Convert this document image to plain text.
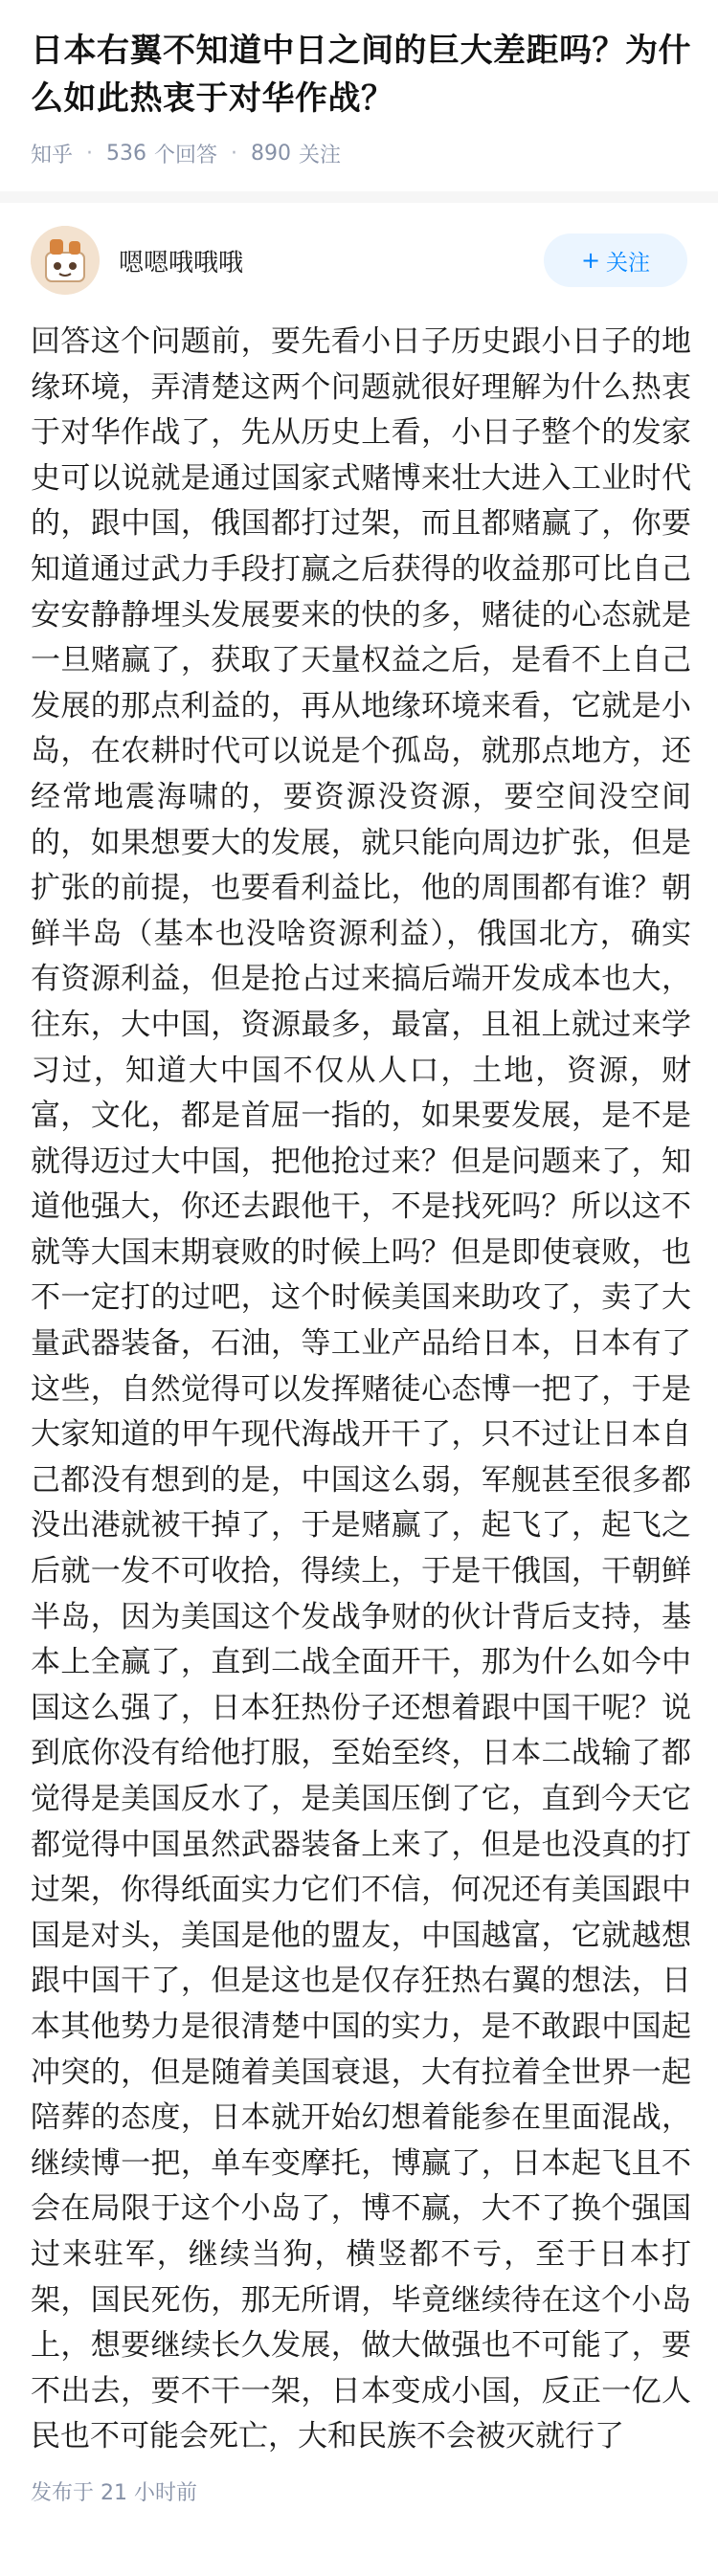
日本右翼不知道中日之间的巨大差距吗？为什么如此热衷于对华作战？
知乎 · 536 个回答 · 890 关注
嗯嗯哦哦哦	+ 关注

回答这个问题前，要先看小日子历史跟小日子的地缘环境，弄清楚这两个问题就很好理解为什么热衷于对华作战了，先从历史上看，小日子整个的发家史可以说就是通过国家式赌博来壮大进入工业时代的，跟中国，俄国都打过架，而且都赌赢了，你要知道通过武力手段打赢之后获得的收益那可比自己安安静静埋头发展要来的快的多，赌徒的心态就是一旦赌赢了，获取了天量权益之后，是看不上自己发展的那点利益的，再从地缘环境来看，它就是小岛，在农耕时代可以说是个孤岛，就那点地方，还经常地震海啸的，要资源没资源，要空间没空间的，如果想要大的发展，就只能向周边扩张，但是扩张的前提，也要看利益比，他的周围都有谁？朝鲜半岛（基本也没啥资源利益），俄国北方，确实有资源利益，但是抢占过来搞后端开发成本也大，往东，大中国，资源最多，最富，且祖上就过来学习过，知道大中国不仅从人口，土地，资源，财富，文化，都是首屈一指的，如果要发展，是不是就得迈过大中国，把他抢过来？但是问题来了，知道他强大，你还去跟他干，不是找死吗？所以这不就等大国末期衰败的时候上吗？但是即使衰败，也不一定打的过吧，这个时候美国来助攻了，卖了大量武器装备，石油，等工业产品给日本，日本有了这些，自然觉得可以发挥赌徒心态博一把了，于是大家知道的甲午现代海战开干了，只不过让日本自己都没有想到的是，中国这么弱，军舰甚至很多都没出港就被干掉了，于是赌赢了，起飞了，起飞之后就一发不可收拾，得续上，于是干俄国，干朝鲜半岛，因为美国这个发战争财的伙计背后支持，基本上全赢了，直到二战全面开干，那为什么如今中国这么强了，日本狂热份子还想着跟中国干呢？说到底你没有给他打服，至始至终，日本二战输了都觉得是美国反水了，是美国压倒了它，直到今天它都觉得中国虽然武器装备上来了，但是也没真的打过架，你得纸面实力它们不信，何况还有美国跟中国是对头，美国是他的盟友，中国越富，它就越想跟中国干了，但是这也是仅存狂热右翼的想法，日本其他势力是很清楚中国的实力，是不敢跟中国起冲突的，但是随着美国衰退，大有拉着全世界一起陪葬的态度，日本就开始幻想着能参在里面混战，继续博一把，单车变摩托，博赢了，日本起飞且不会在局限于这个小岛了，博不赢，大不了换个强国过来驻军，继续当狗，横竖都不亏，至于日本打架，国民死伤，那无所谓，毕竟继续待在这个小岛上，想要继续长久发展，做大做强也不可能了，要不出去，要不干一架，日本变成小国，反正一亿人民也不可能会死亡，大和民族不会被灭就行了

发布于 21 小时前
